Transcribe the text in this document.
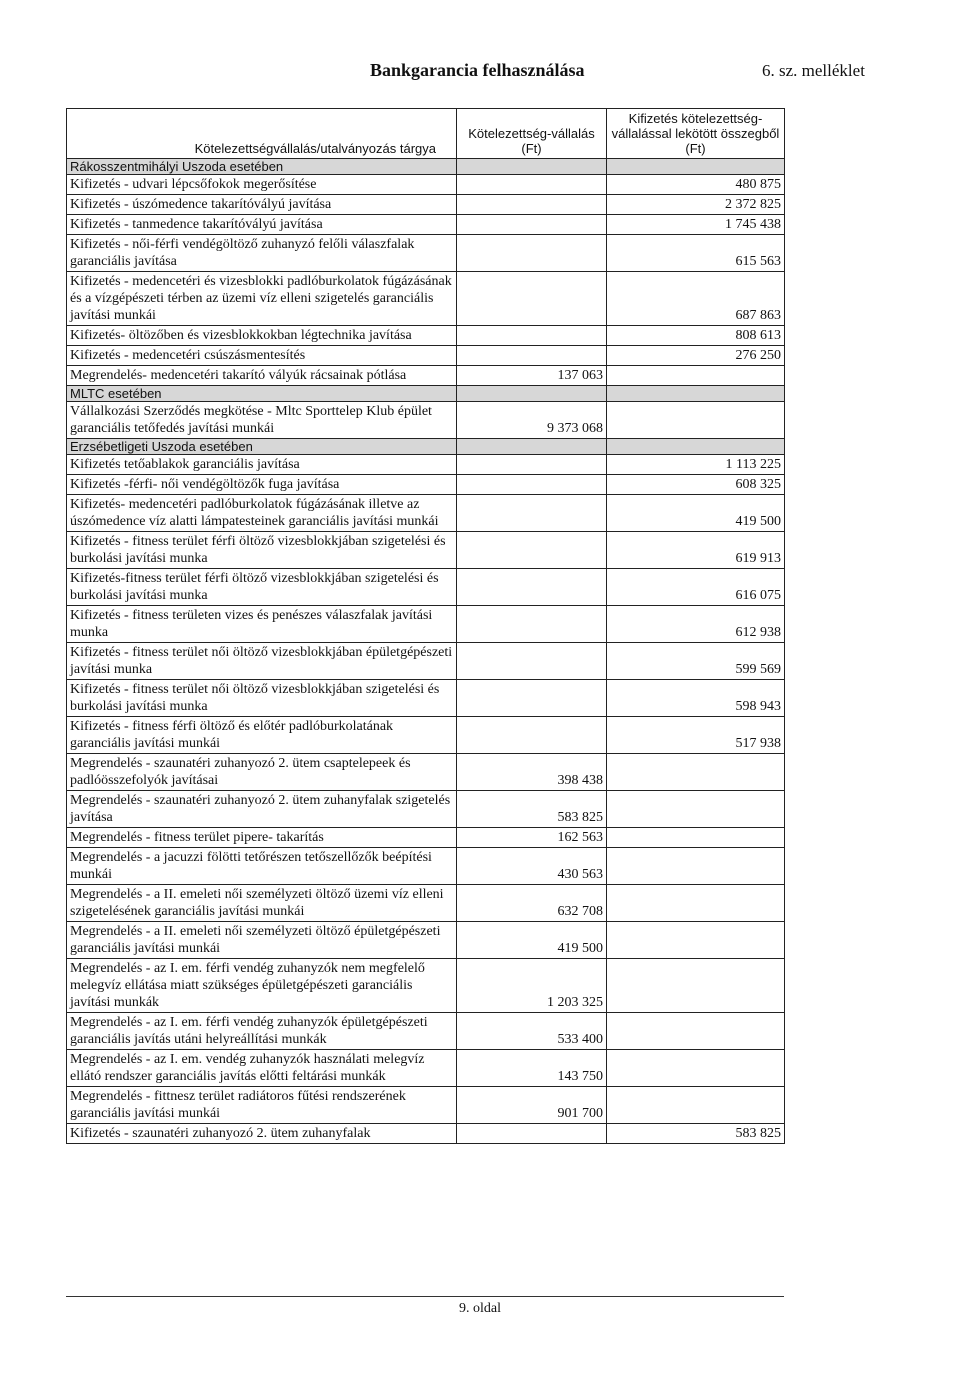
Bankgarancia felhasználása	6. sz. melléklet
Kötelezettségvállalás/utalványozás tárgya	Kötelezettség-vállalás (Ft)	Kifizetés kötelezettség-vállalással lekötött összegből (Ft)
Rákosszentmihályi Uszoda esetében		
Kifizetés - udvari lépcsőfokok megerősítése		480 875
Kifizetés - úszómedence takarítóvályú javítása		2 372 825
Kifizetés - tanmedence takarítóvályú javítása		1 745 438
Kifizetés - női-férfi vendégöltöző zuhanyzó felőli válaszfalak garanciális javítása		615 563
Kifizetés - medencetéri és vizesblokki padlóburkolatok fúgázásának és a vízgépészeti térben az üzemi víz elleni szigetelés garanciális javítási munkái		687 863
Kifizetés- öltözőben és vizesblokkokban légtechnika javítása		808 613
Kifizetés - medencetéri csúszásmentesítés		276 250
Megrendelés- medencetéri takarító vályúk rácsainak pótlása	137 063	
MLTC esetében		
Vállalkozási Szerződés megkötése - Mltc Sporttelep Klub épület garanciális tetőfedés javítási munkái	9 373 068	
Erzsébetligeti Uszoda esetében		
Kifizetés tetőablakok garanciális javítása		1 113 225
Kifizetés -férfi- női vendégöltözők fuga javítása		608 325
Kifizetés- medencetéri padlóburkolatok fúgázásának illetve az úszómedence víz alatti lámpatesteinek garanciális javítási munkái		419 500
Kifizetés - fitness terület férfi öltöző vizesblokkjában szigetelési és burkolási javítási munka		619 913
Kifizetés-fitness terület férfi öltöző vizesblokkjában szigetelési és burkolási javítási munka		616 075
Kifizetés - fitness területen vizes és penészes válaszfalak javítási munka		612 938
Kifizetés - fitness terület női öltöző vizesblokkjában épületgépészeti javítási munka		599 569
Kifizetés - fitness terület női öltöző vizesblokkjában szigetelési és burkolási javítási munka		598 943
Kifizetés - fitness férfi öltöző és előtér padlóburkolatának garanciális javítási munkái		517 938
Megrendelés - szaunatéri zuhanyozó 2. ütem csaptelepeek és padlóösszefolyók javításai	398 438	
Megrendelés - szaunatéri zuhanyozó 2. ütem zuhanyfalak szigetelés javítása	583 825	
Megrendelés - fitness terület pipere- takarítás	162 563	
Megrendelés - a jacuzzi fölötti tetőrészen tetőszellőzők beépítési munkái	430 563	
Megrendelés - a II. emeleti női személyzeti öltöző üzemi víz elleni szigetelésének garanciális javítási munkái	632 708	
Megrendelés - a II. emeleti női személyzeti öltöző épületgépészeti garanciális javítási munkái	419 500	
Megrendelés - az I. em. férfi vendég zuhanyzók nem megfelelő melegvíz ellátása miatt szükséges épületgépészeti garanciális javítási munkák	1 203 325	
Megrendelés - az I. em. férfi vendég zuhanyzók épületgépészeti garanciális javítás utáni helyreállítási munkák	533 400	
Megrendelés - az I. em. vendég zuhanyzók használati melegvíz ellátó rendszer garanciális javítás előtti feltárási munkák	143 750	
Megrendelés - fittnesz terület radiátoros fűtési rendszerének garanciális javítási munkái	901 700	
Kifizetés - szaunatéri zuhanyozó 2. ütem zuhanyfalak		583 825
9. oldal
